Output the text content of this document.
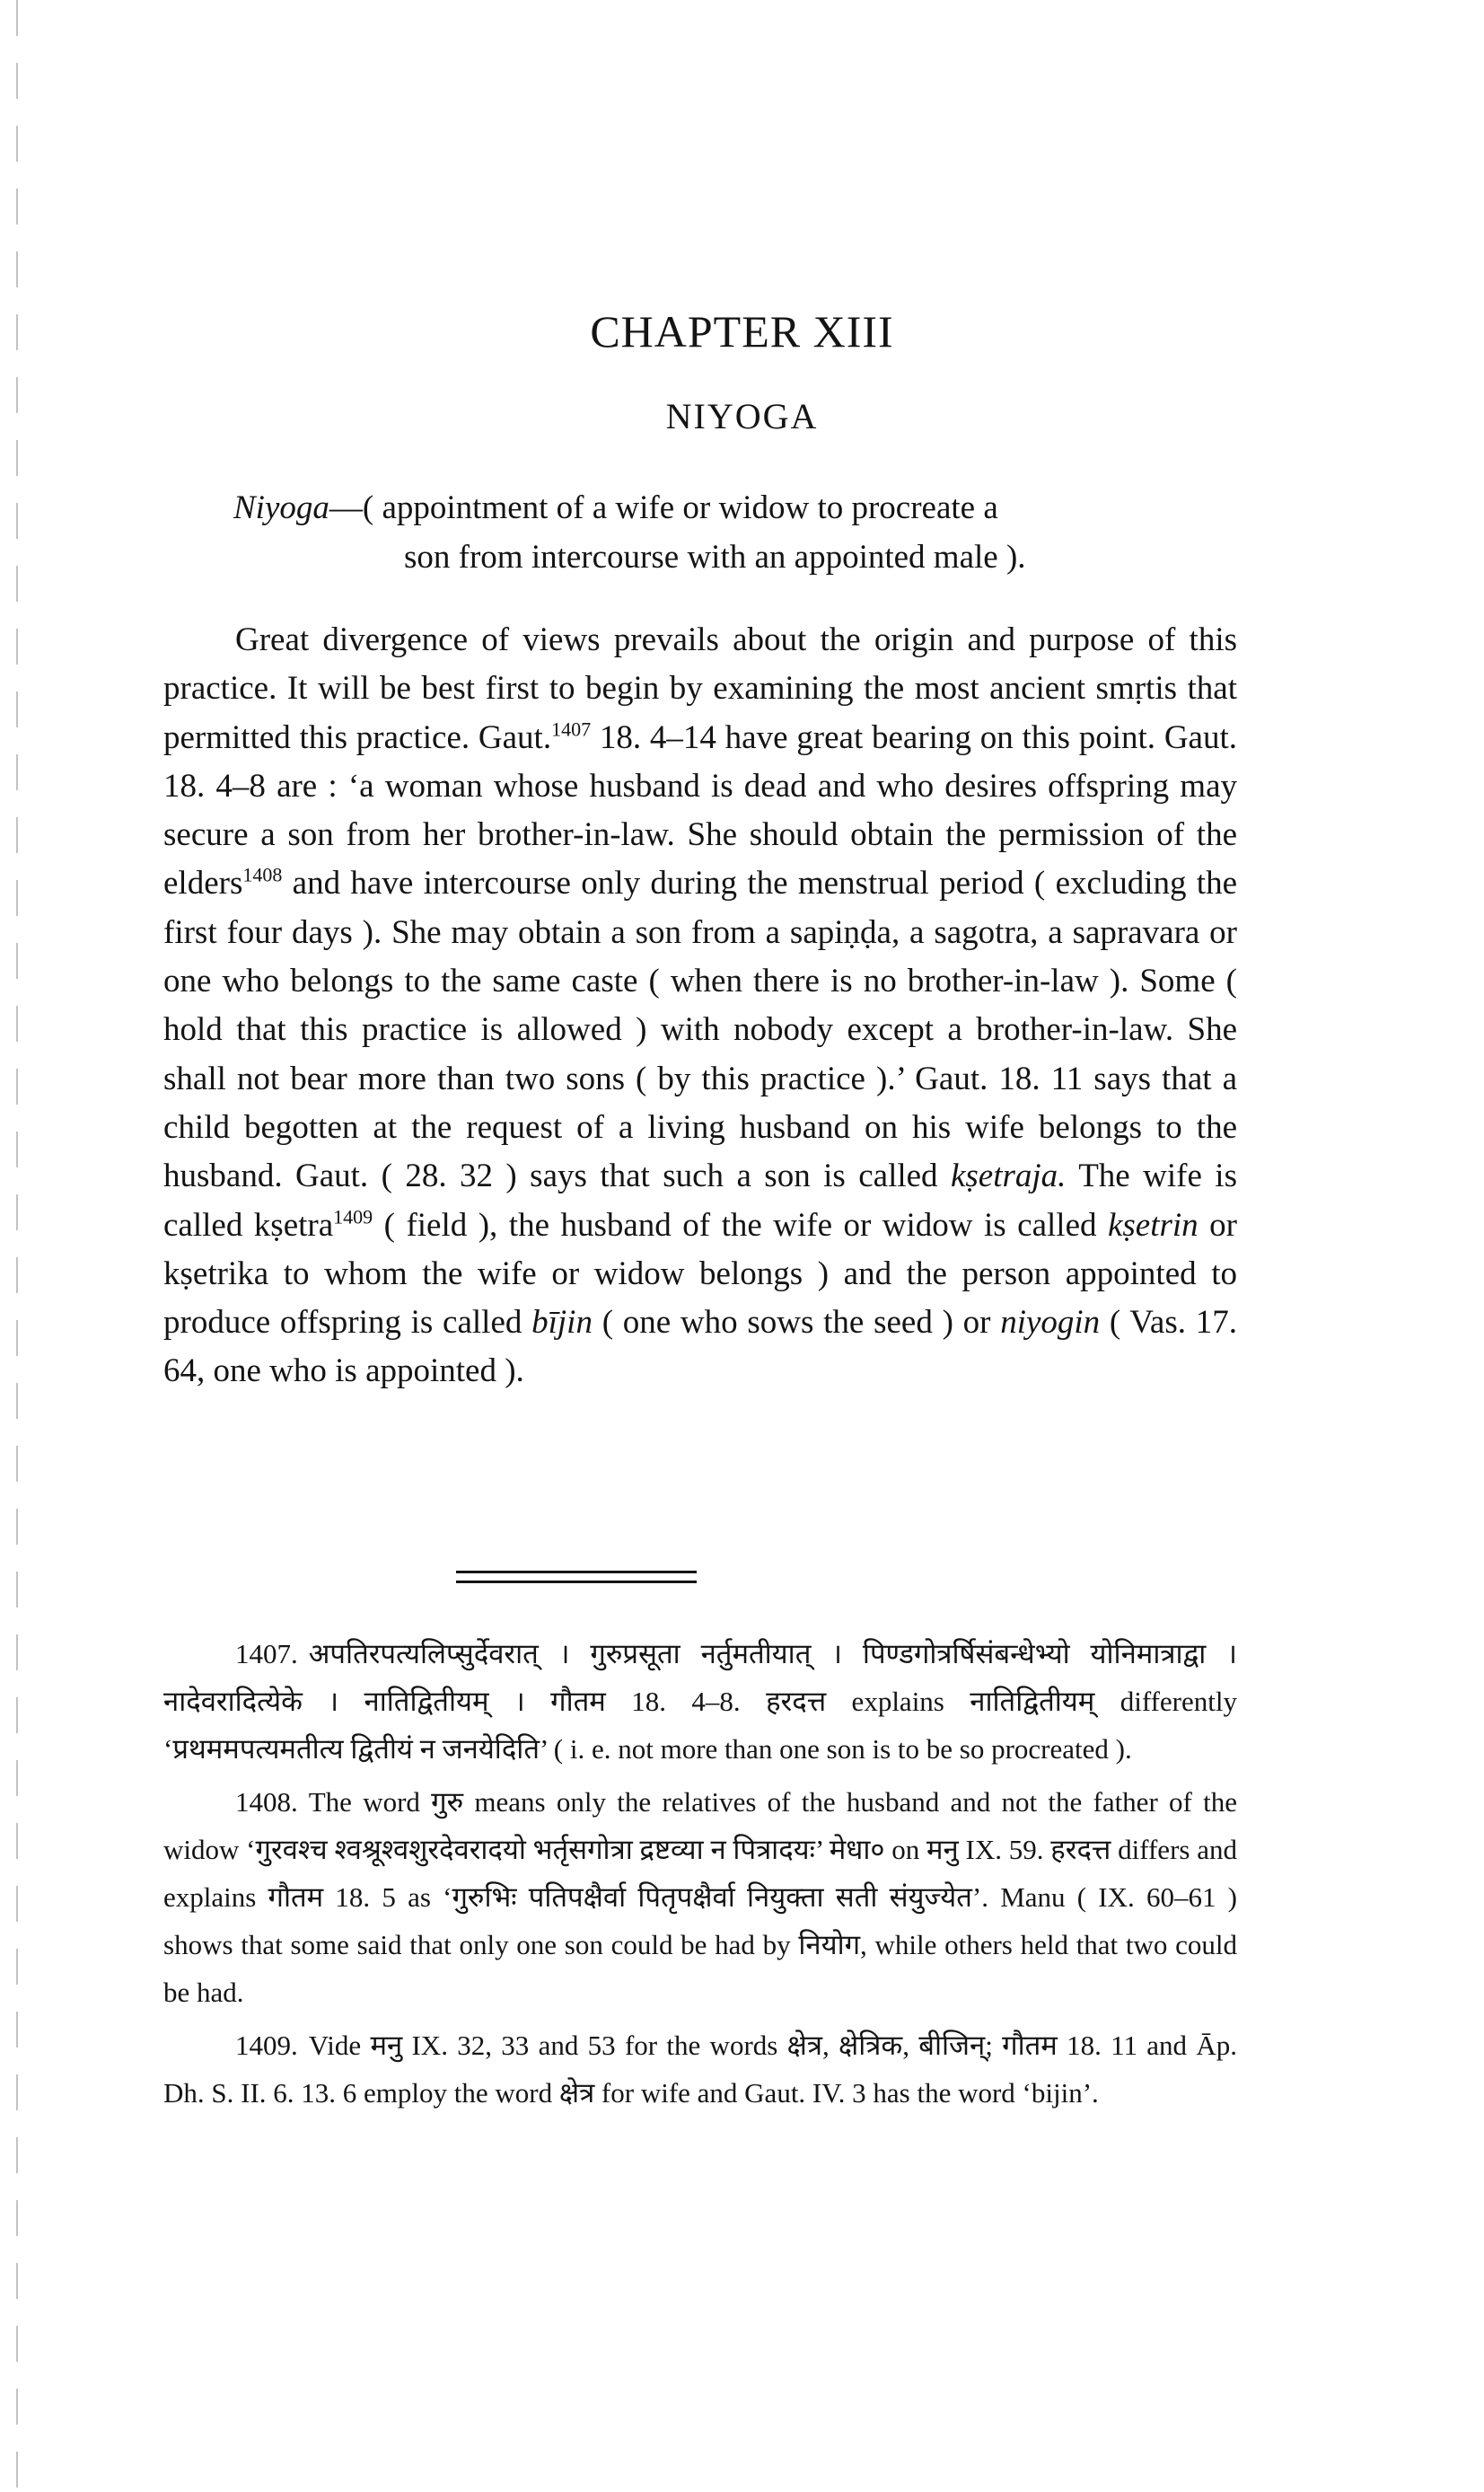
CHAPTER XIII
NIYOGA
Niyoga—( appointment of a wife or widow to procreate a
son from intercourse with an appointed male ).

Great divergence of views prevails about the origin and purpose of this practice. It will be best first to begin by examining the most ancient smṛtis that permitted this practice. Gaut.$^{1407}$ 18. 4–14 have great bearing on this point. Gaut. 18. 4–8 are : ‘a woman whose husband is dead and who desires offspring may secure a son from her brother-in-law. She should obtain the permission of the elders$^{1408}$ and have intercourse only during the menstrual period ( excluding the first four days ). She may obtain a son from a sapiṇḍa, a sagotra, a sapravara or one who belongs to the same caste ( when there is no brother-in-law ). Some ( hold that this practice is allowed ) with nobody except a brother-in-law. She shall not bear more than two sons ( by this practice ).’ Gaut. 18. 11 says that a child begotten at the request of a living husband on his wife belongs to the husband. Gaut. ( 28. 32 ) says that such a son is called kṣetraja. The wife is called kṣetra$^{1409}$ ( field ), the husband of the wife or widow is called kṣetrin or kṣetrika to whom the wife or widow belongs ) and the person appointed to produce offspring is called bījin ( one who sows the seed ) or niyogin ( Vas. 17. 64, one who is appointed ).

1407. अपतिरपत्यलिप्सुर्देवरात् । गुरुप्रसूता नर्तुमतीयात् । पिण्डगोत्रर्षिसंबन्धेभ्यो योनिमात्राद्वा । नादेवरादित्येके । नातिद्वितीयम् । गौतम 18. 4–8. हरदत्त explains नातिद्वितीयम् differently ‘प्रथममपत्यमतीत्य द्वितीयं न जनयेदिति’ ( i. e. not more than one son is to be so procreated ).

1408. The word गुरु means only the relatives of the husband and not the father of the widow ‘गुरवश्च श्वश्रूश्वशुरदेवरादयो भर्तृसगोत्रा द्रष्टव्या न पित्रादयः’ मेधा० on मनु IX. 59. हरदत्त differs and explains गौतम 18. 5 as ‘गुरुभिः पतिपक्षैर्वा पितृपक्षैर्वा नियुक्ता सती संयुज्येत’. Manu ( IX. 60–61 ) shows that some said that only one son could be had by नियोग, while others held that two could be had.

1409. Vide मनु IX. 32, 33 and 53 for the words क्षेत्र, क्षेत्रिक, बीजिन्; गौतम 18. 11 and Āp. Dh. S. II. 6. 13. 6 employ the word क्षेत्र for wife and Gaut. IV. 3 has the word ‘bijin’.
